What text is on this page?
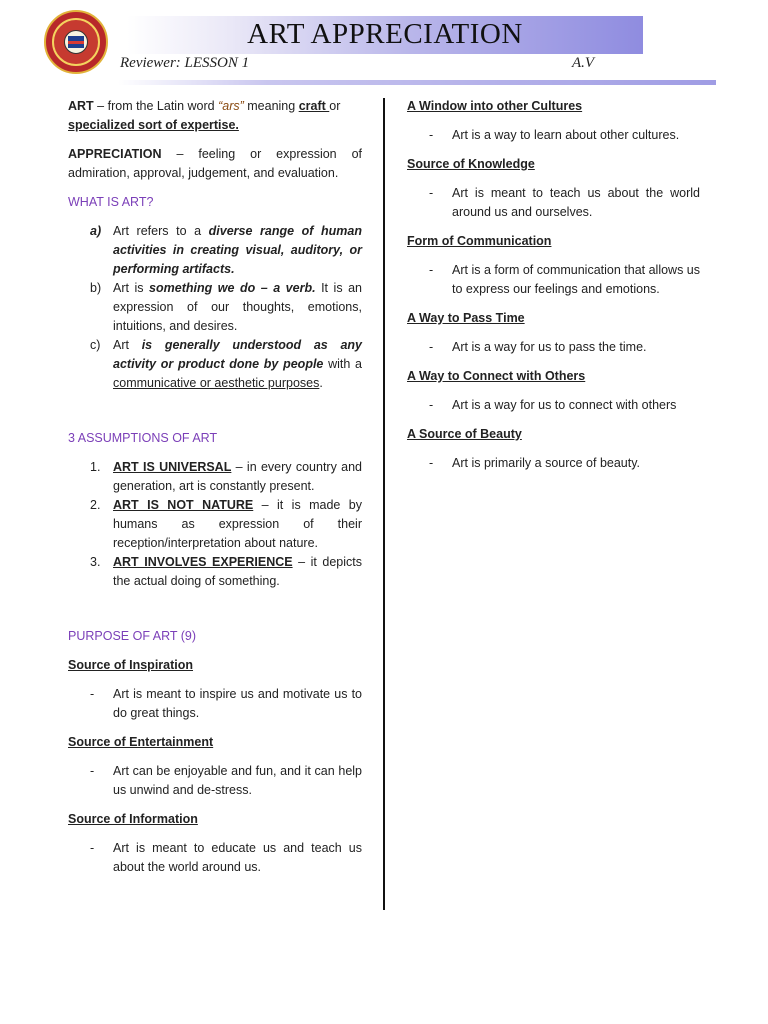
ART APPRECIATION
Reviewer: LESSON 1	A.V

ART – from the Latin word “ars” meaning craft or
specialized sort of expertise.

APPRECIATION – feeling or expression of admiration, approval, judgement, and evaluation.

WHAT IS ART?
a) Art refers to a diverse range of human activities in creating visual, auditory, or performing artifacts.
b) Art is something we do – a verb. It is an expression of our thoughts, emotions, intuitions, and desires.
c)	Art is generally understood as any activity or product done by people with a communicative or aesthetic purposes.
3 ASSUMPTIONS OF ART
1.	ART IS UNIVERSAL – in every country and generation, art is constantly present.
2.	ART IS NOT NATURE – it is made by humans as expression of their reception/interpretation about nature.
3.	ART INVOLVES EXPERIENCE – it depicts the actual doing of something.
PURPOSE OF ART (9)
Source of Inspiration
-	Art is meant to inspire us and motivate us to do great things.
Source of Entertainment
-	Art can be enjoyable and fun, and it can help us unwind and de-stress.
Source of Information
-	Art is meant to educate us and teach us about the world around us.
A Window into other Cultures
-	Art is a way to learn about other cultures.
Source of Knowledge
-	Art is meant to teach us about the world around us and ourselves.
Form of Communication
-	Art is a form of communication that allows us to express our feelings and emotions.
A Way to Pass Time
-	Art is a way for us to pass the time.
A Way to Connect with Others
-	Art is a way for us to connect with others
A Source of Beauty
-	Art is primarily a source of beauty.
